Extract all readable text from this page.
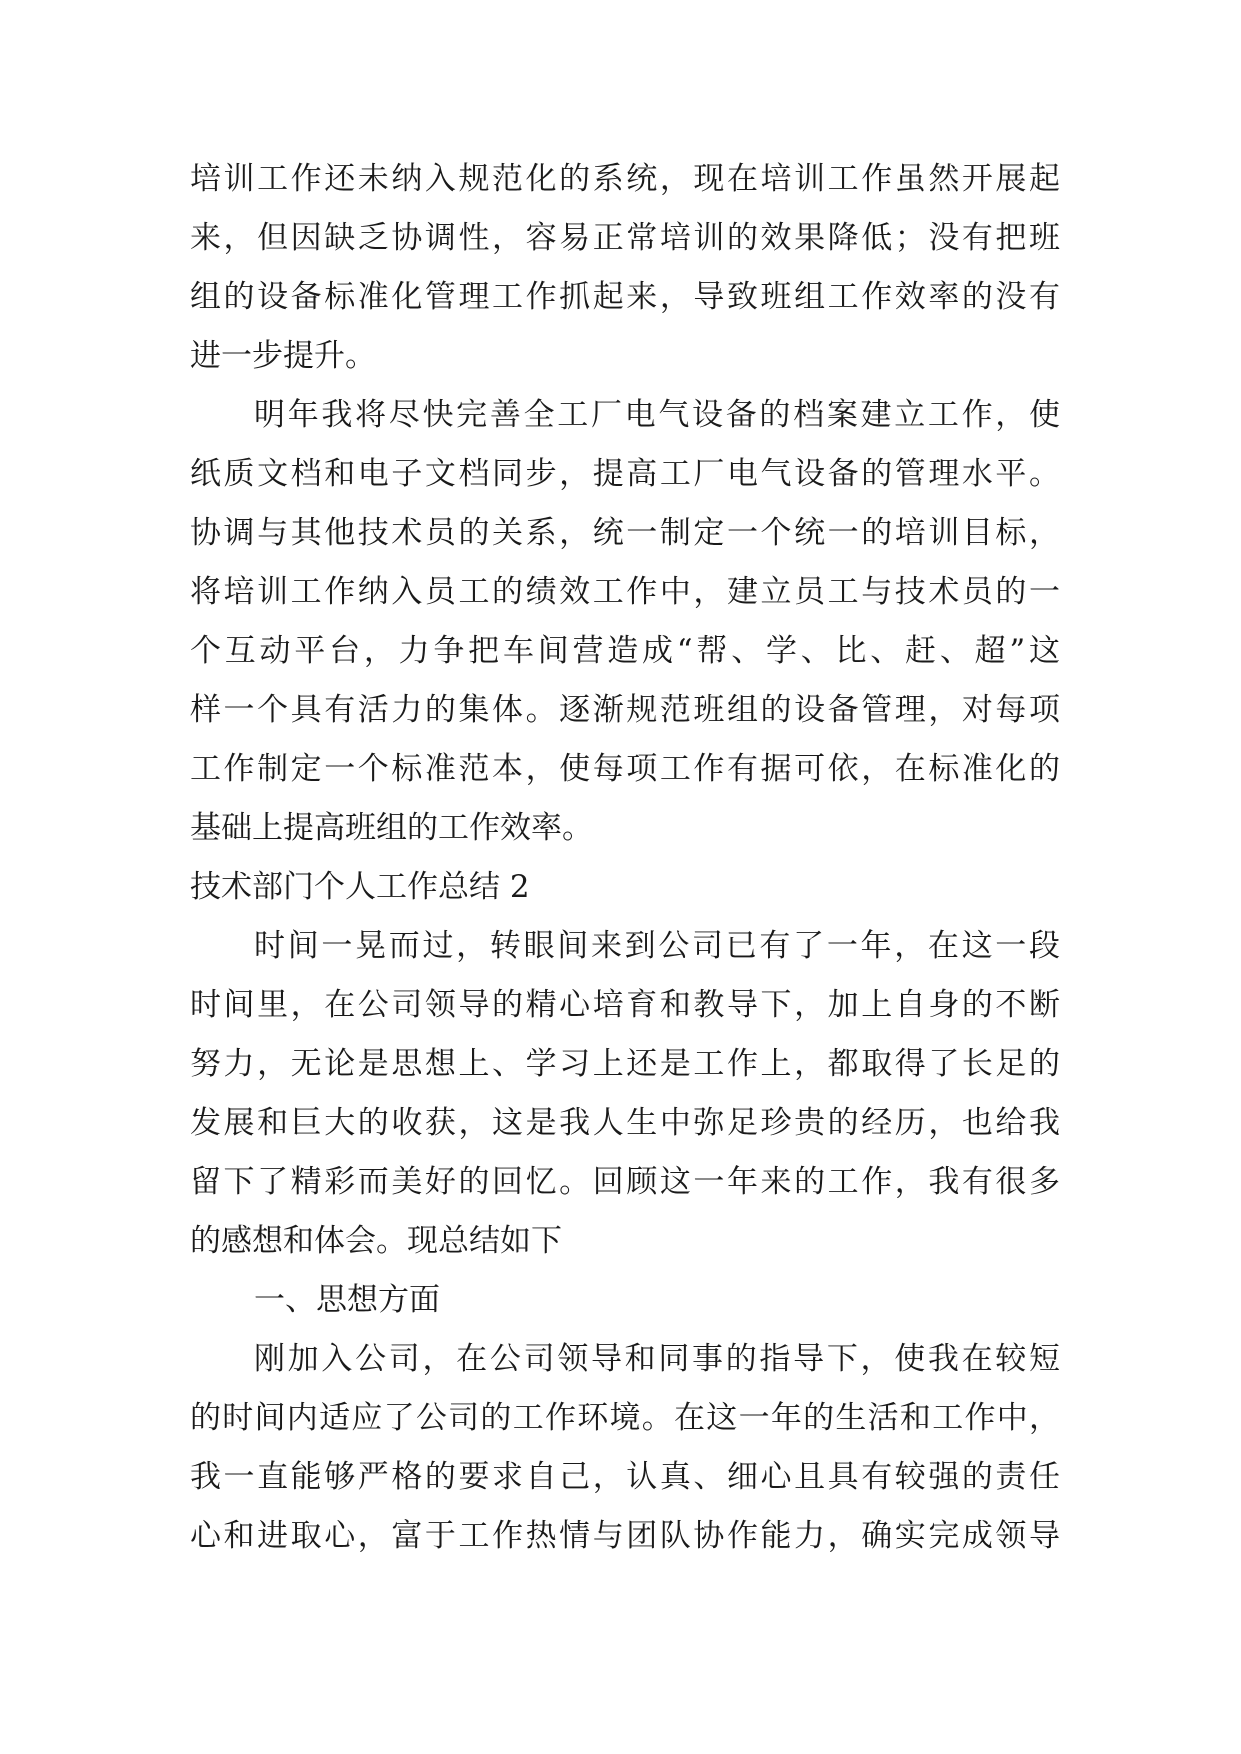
培训工作还未纳入规范化的系统，现在培训工作虽然开展起
来，但因缺乏协调性，容易正常培训的效果降低；没有把班
组的设备标准化管理工作抓起来，导致班组工作效率的没有
进一步提升。
明年我将尽快完善全工厂电气设备的档案建立工作，使
纸质文档和电子文档同步，提高工厂电气设备的管理水平。
协调与其他技术员的关系，统一制定一个统一的培训目标，
将培训工作纳入员工的绩效工作中，建立员工与技术员的一
个互动平台，力争把车间营造成“帮、学、比、赶、超”这
样一个具有活力的集体。逐渐规范班组的设备管理，对每项
工作制定一个标准范本，使每项工作有据可依，在标准化的
基础上提高班组的工作效率。
技术部门个人工作总结 2
时间一晃而过，转眼间来到公司已有了一年，在这一段
时间里，在公司领导的精心培育和教导下，加上自身的不断
努力，无论是思想上、学习上还是工作上，都取得了长足的
发展和巨大的收获，这是我人生中弥足珍贵的经历，也给我
留下了精彩而美好的回忆。回顾这一年来的工作，我有很多
的感想和体会。现总结如下
一、思想方面
刚加入公司，在公司领导和同事的指导下，使我在较短
的时间内适应了公司的工作环境。在这一年的生活和工作中，
我一直能够严格的要求自己，认真、细心且具有较强的责任
心和进取心，富于工作热情与团队协作能力，确实完成领导
